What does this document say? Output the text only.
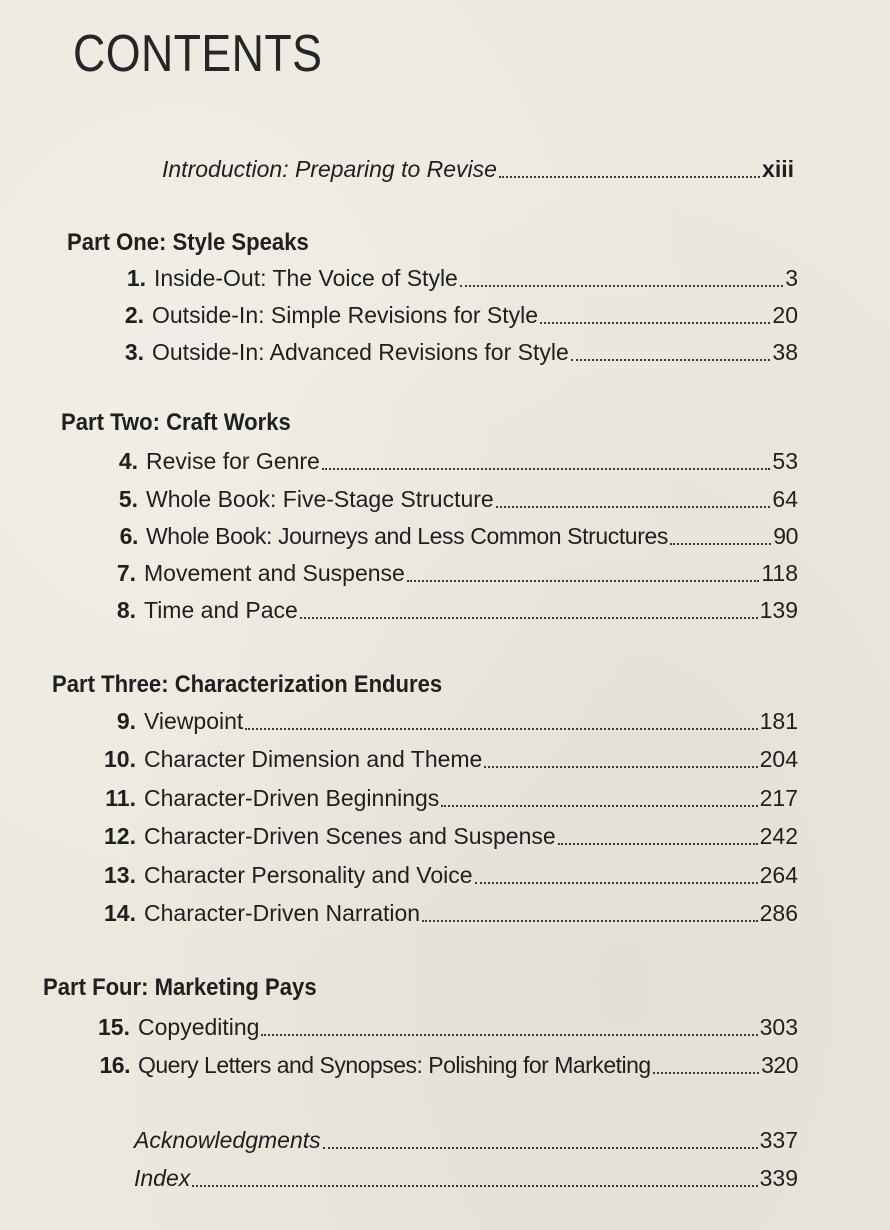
CONTENTS
Introduction: Preparing to Revise	xiii
Part One: Style Speaks
1. Inside-Out: The Voice of Style	3
2. Outside-In: Simple Revisions for Style	20
3. Outside-In: Advanced Revisions for Style	38
Part Two: Craft Works
4. Revise for Genre	53
5. Whole Book: Five-Stage Structure	64
6. Whole Book: Journeys and Less Common Structures	90
7. Movement and Suspense	118
8. Time and Pace	139
Part Three: Characterization Endures
9. Viewpoint	181
10. Character Dimension and Theme	204
11. Character-Driven Beginnings	217
12. Character-Driven Scenes and Suspense	242
13. Character Personality and Voice	264
14. Character-Driven Narration	286
Part Four: Marketing Pays
15. Copyediting	303
16. Query Letters and Synopses: Polishing for Marketing	320
Acknowledgments	337
Index	339
